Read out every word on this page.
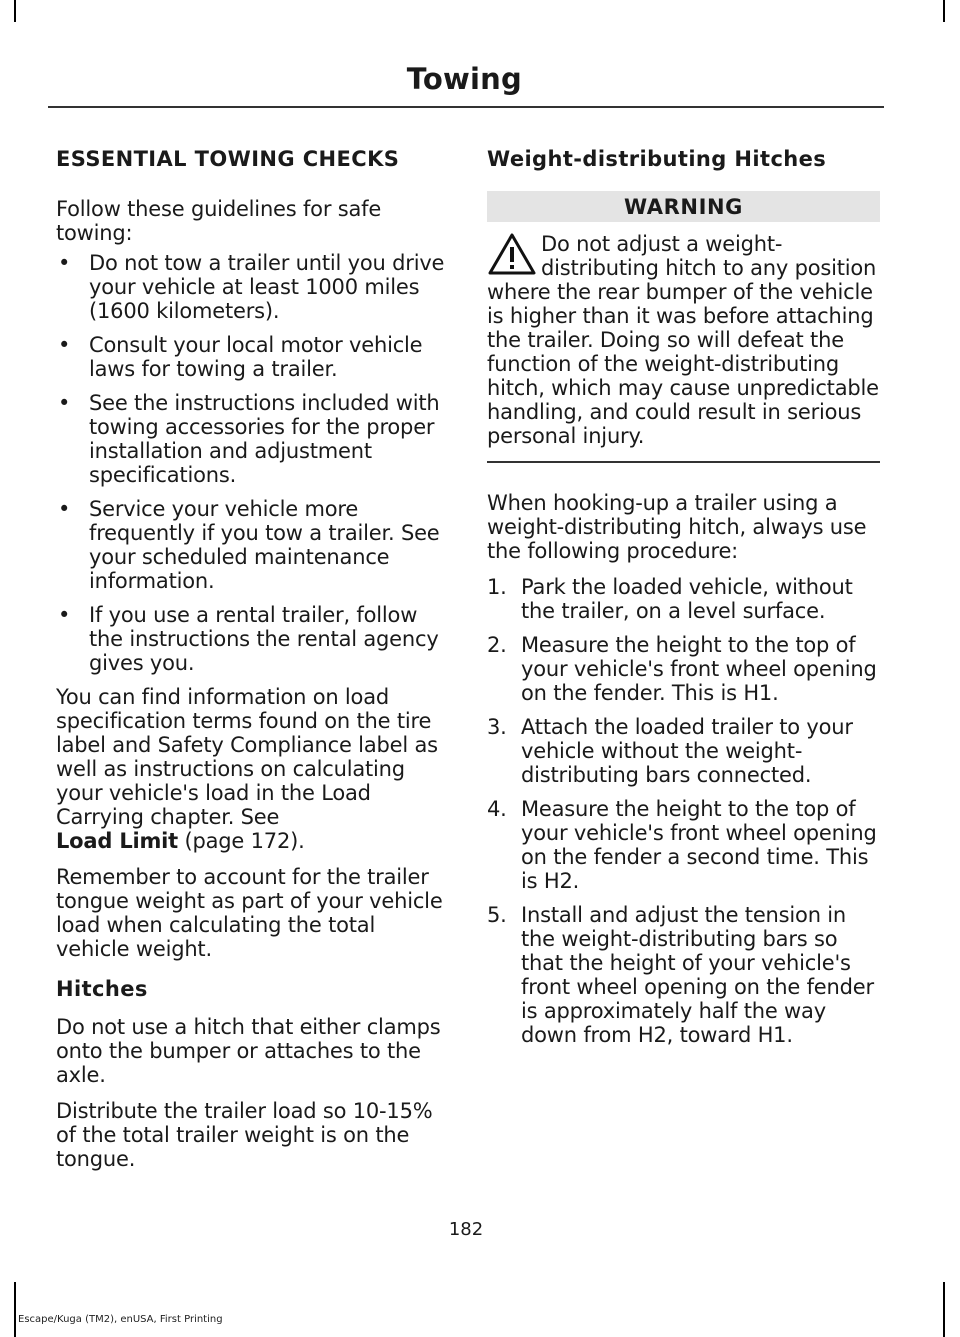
Towing
ESSENTIAL TOWING CHECKS

Follow these guidelines for safe towing:

• Do not tow a trailer until you drive your vehicle at least 1000 miles (1600 kilometers).
• Consult your local motor vehicle laws for towing a trailer.
• See the instructions included with towing accessories for the proper installation and adjustment specifications.
• Service your vehicle more frequently if you tow a trailer. See your scheduled maintenance information.
• If you use a rental trailer, follow the instructions the rental agency gives you.

You can find information on load specification terms found on the tire label and Safety Compliance label as well as instructions on calculating your vehicle's load in the Load Carrying chapter. See
Load Limit (page 172).

Remember to account for the trailer tongue weight as part of your vehicle load when calculating the total vehicle weight.

Hitches

Do not use a hitch that either clamps onto the bumper or attaches to the axle.

Distribute the trailer load so 10-15% of the total trailer weight is on the tongue.

Weight-distributing Hitches
WARNING

Do not adjust a weight-distributing hitch to any position where the rear bumper of the vehicle is higher than it was before attaching the trailer. Doing so will defeat the function of the weight-distributing hitch, which may cause unpredictable handling, and could result in serious personal injury.

When hooking-up a trailer using a weight-distributing hitch, always use the following procedure:

1. Park the loaded vehicle, without the trailer, on a level surface.
2. Measure the height to the top of your vehicle's front wheel opening on the fender. This is H1.
3. Attach the loaded trailer to your vehicle without the weight-distributing bars connected.
4. Measure the height to the top of your vehicle's front wheel opening on the fender a second time. This is H2.
5. Install and adjust the tension in the weight-distributing bars so that the height of your vehicle's front wheel opening on the fender is approximately half the way down from H2, toward H1.
182
Escape/Kuga (TM2), enUSA, First Printing
